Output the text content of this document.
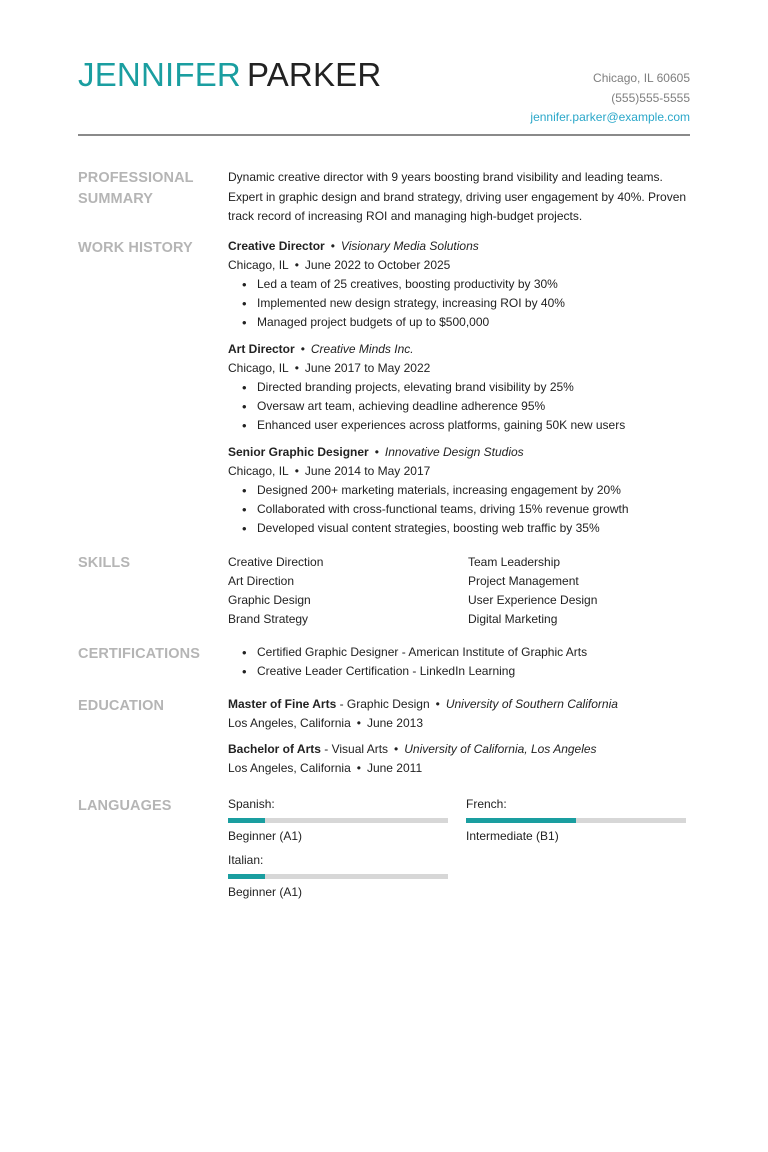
JENNIFER PARKER	Chicago, IL 60605
(555)555-5555
jennifer.parker@example.com
PROFESSIONAL SUMMARY
Dynamic creative director with 9 years boosting brand visibility and leading teams. Expert in graphic design and brand strategy, driving user engagement by 40%. Proven track record of increasing ROI and managing high-budget projects.
WORK HISTORY	Creative Director • Visionary Media Solutions
Chicago, IL • June 2022 to October 2025
• Led a team of 25 creatives, boosting productivity by 30%
• Implemented new design strategy, increasing ROI by 40%
• Managed project budgets of up to $500,000
Art Director • Creative Minds Inc.
Chicago, IL • June 2017 to May 2022
• Directed branding projects, elevating brand visibility by 25%
• Oversaw art team, achieving deadline adherence 95%
• Enhanced user experiences across platforms, gaining 50K new users
Senior Graphic Designer • Innovative Design Studios
Chicago, IL • June 2014 to May 2017
• Designed 200+ marketing materials, increasing engagement by 20%
• Collaborated with cross-functional teams, driving 15% revenue growth
• Developed visual content strategies, boosting web traffic by 35%
SKILLS	Creative Direction	Team Leadership
Art Direction	Project Management
Graphic Design	User Experience Design
Brand Strategy	Digital Marketing
CERTIFICATIONS
•	Certified Graphic Designer - American Institute of Graphic Arts
• Creative Leader Certification - LinkedIn Learning
EDUCATION	Master of Fine Arts - Graphic Design • University of Southern California
Los Angeles, California • June 2013
Bachelor of Arts - Visual Arts • University of California, Los Angeles
Los Angeles, California • June 2011
LANGUAGES	Spanish:
Beginner (A1)
French:
Intermediate (B1)
Italian:
Beginner (A1)
